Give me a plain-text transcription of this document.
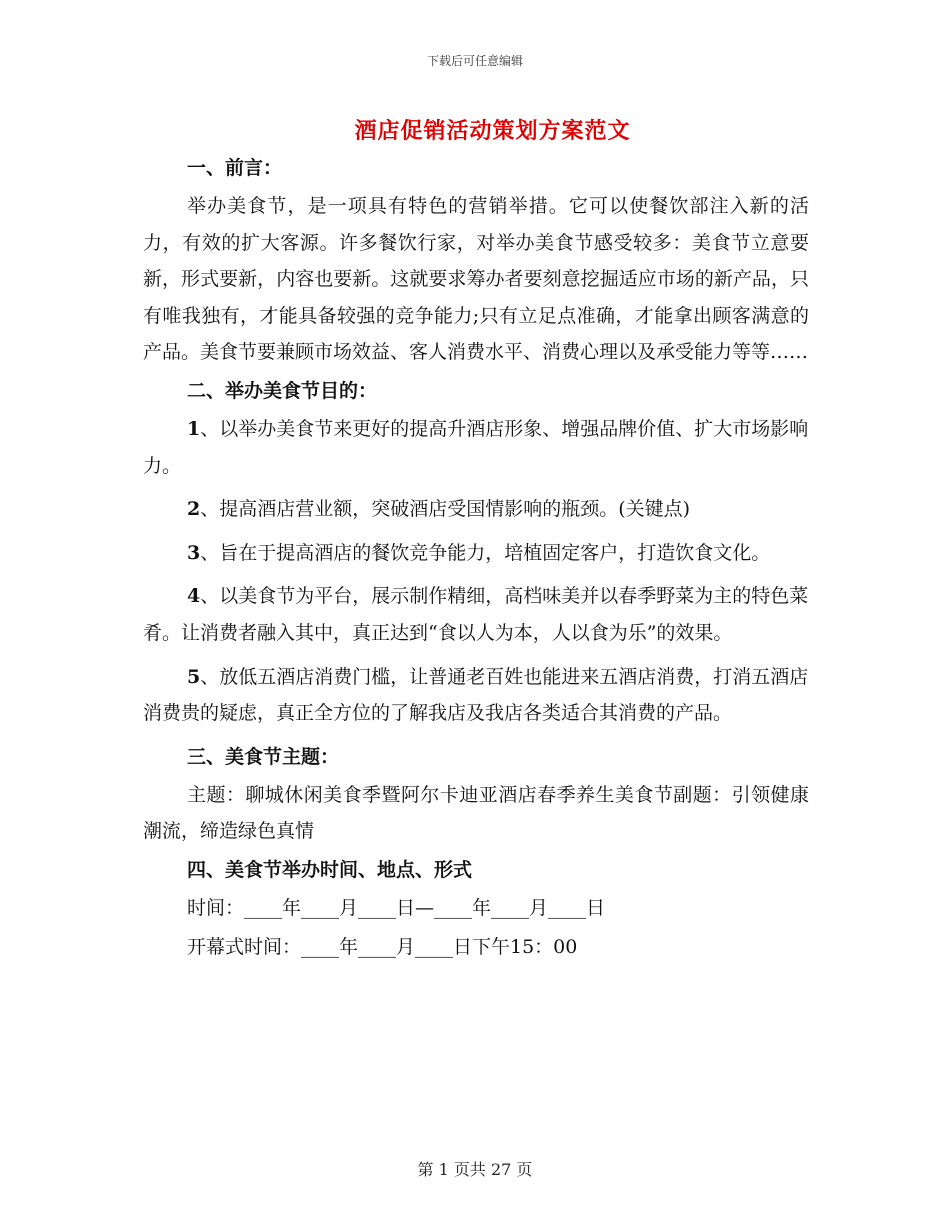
下载后可任意编辑
酒店促销活动策划方案范文
一、前言：
举办美食节，是一项具有特色的营销举措。它可以使餐饮部注入新的活力，有效的扩大客源。许多餐饮行家，对举办美食节感受较多：美食节立意要新，形式要新，内容也要新。这就要求筹办者要刻意挖掘适应市场的新产品，只有唯我独有，才能具备较强的竞争能力;只有立足点准确，才能拿出顾客满意的产品。美食节要兼顾市场效益、客人消费水平、消费心理以及承受能力等等……
二、举办美食节目的：
1、以举办美食节来更好的提高升酒店形象、增强品牌价值、扩大市场影响力。
2、提高酒店营业额，突破酒店受国情影响的瓶颈。(关键点)
3、旨在于提高酒店的餐饮竞争能力，培植固定客户，打造饮食文化。
4、以美食节为平台，展示制作精细，高档味美并以春季野菜为主的特色菜肴。让消费者融入其中，真正达到“食以人为本，人以食为乐”的效果。
5、放低五酒店消费门槛，让普通老百姓也能进来五酒店消费，打消五酒店消费贵的疑虑，真正全方位的了解我店及我店各类适合其消费的产品。
三、美食节主题：
主题：聊城休闲美食季暨阿尔卡迪亚酒店春季养生美食节副题：引领健康潮流，缔造绿色真情
四、美食节举办时间、地点、形式
时间：____年____月____日—____年____月____日
开幕式时间：____年____月____日下午15：00
第 1 页共 27 页
